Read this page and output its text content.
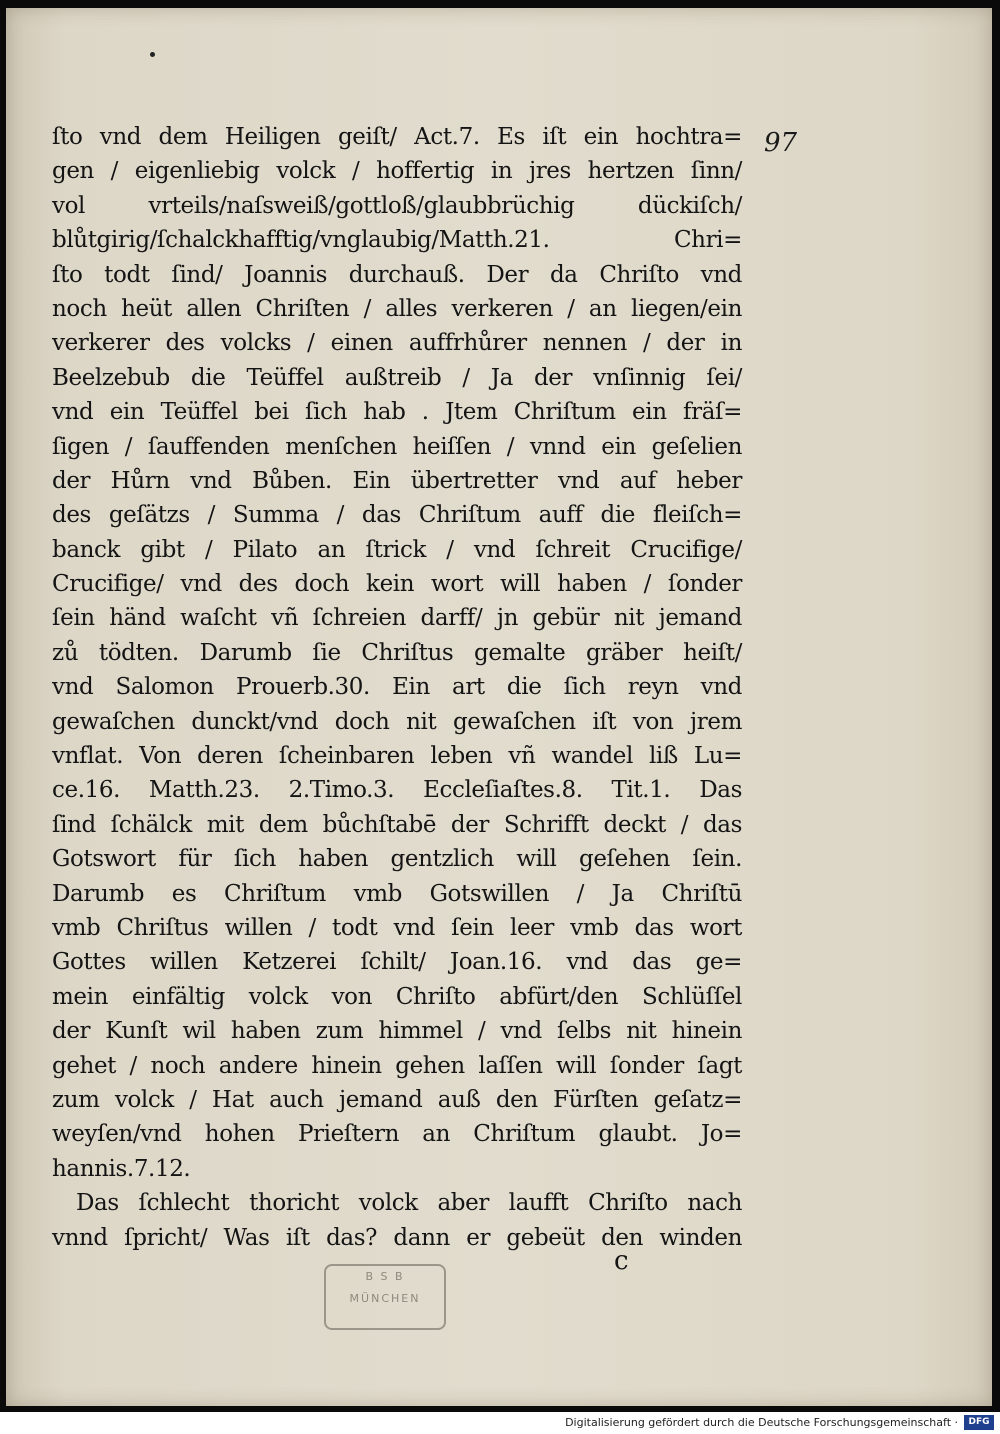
ſto vnd dem Heiligen geiſt/ Act.7. Es iſt ein hochtra=
gen / eigenliebig volck / hoffertig in jres hertzen ſinn/
vol vrteils/naſsweiß/gottloß/glaubbrüchig dückiſch/
blůtgirig/ſchalckhafftig/vnglaubig/Matth.21. Chri=
ſto todt ſind/ Joannis durchauß. Der da Chriſto vnd
noch heüt allen Chriſten / alles verkeren / an liegen/ein
verkerer des volcks / einen auffrhůrer nennen / der in
Beelzebub die Teüffel außtreib / Ja der vnſinnig ſei/
vnd ein Teüffel bei ſich hab . Jtem Chriſtum ein fräſ=
ſigen / ſauffenden menſchen heiſſen / vnnd ein geſelien
der Hůrn vnd Bůben. Ein übertretter vnd auf heber
des geſätzs / Summa / das Chriſtum auff die fleiſch=
banck gibt / Pilato an ſtrick / vnd ſchreit Crucifige/
Crucifige/ vnd des doch kein wort will haben / ſonder
ſein händ waſcht vñ ſchreien darff/ jn gebür nit jemand
zů tödten. Darumb ſie Chriſtus gemalte gräber heiſt/
vnd Salomon Prouerb.30. Ein art die ſich reyn vnd
gewaſchen dunckt/vnd doch nit gewaſchen iſt von jrem
vnflat. Von deren ſcheinbaren leben vñ wandel liß Lu=
ce.16. Matth.23. 2.Timo.3. Eccleſiaſtes.8. Tit.1. Das
ſind ſchälck mit dem bůchſtabē der Schrifft deckt / das
Gotswort für ſich haben gentzlich will geſehen ſein.
Darumb es Chriſtum vmb Gotswillen / Ja Chriſtū
vmb Chriſtus willen / todt vnd ſein leer vmb das wort
Gottes willen Ketzerei ſchilt/ Joan.16. vnd das ge=
mein einfältig volck von Chriſto abfürt/den Schlüſſel
der Kunſt wil haben zum himmel / vnd ſelbs nit hinein
gehet / noch andere hinein gehen laſſen will ſonder ſagt
zum volck / Hat auch jemand auß den Fürſten geſatz=
weyſen/vnd hohen Prieſtern an Chriſtum glaubt. Jo=
hannis.7.12.
Das ſchlecht thoricht volck aber laufft Chriſto nach
vnnd ſpricht/ Was iſt das? dann er gebeüt den winden
97
c
B S B
MÜNCHEN
Digitalisierung gefördert durch die Deutsche Forschungsgemeinschaft ·	DFG
